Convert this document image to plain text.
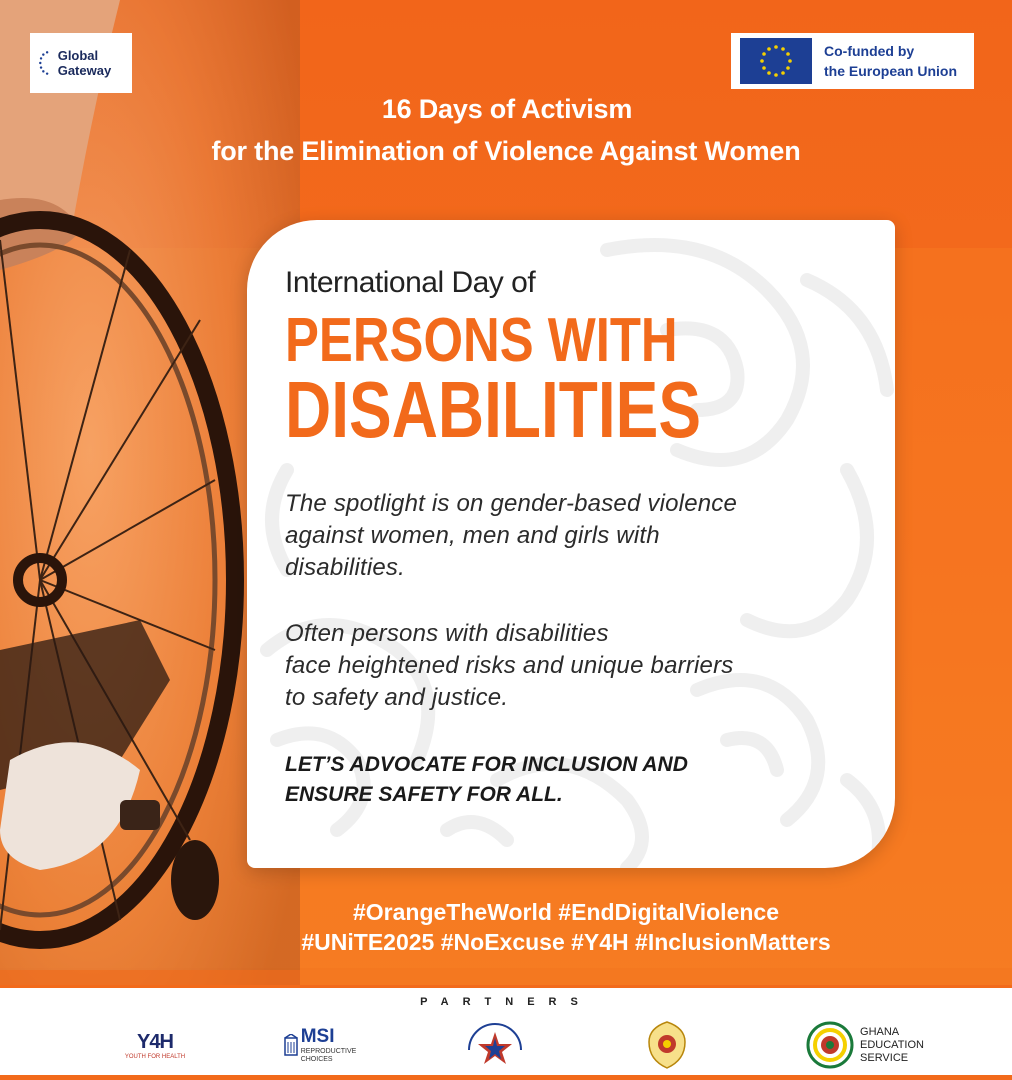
Global Gateway
Co-funded by
the European Union
16 Days of Activism
for the Elimination of Violence Against Women
International Day of
PERSONS WITH
DISABILITIES
The spotlight is on gender-based violence
against women, men and girls with
disabilities.
Often persons with disabilities
face heightened risks and unique barriers
to safety and justice.
LET’S ADVOCATE FOR INCLUSION AND
ENSURE SAFETY FOR ALL.
#OrangeTheWorld #EndDigitalViolence
#UNiTE2025 #NoExcuse #Y4H #InclusionMatters
PARTNERS
Y4H
YOUTH FOR HEALTH
MSI
REPRODUCTIVE
CHOICES
GHANA
EDUCATION
SERVICE
